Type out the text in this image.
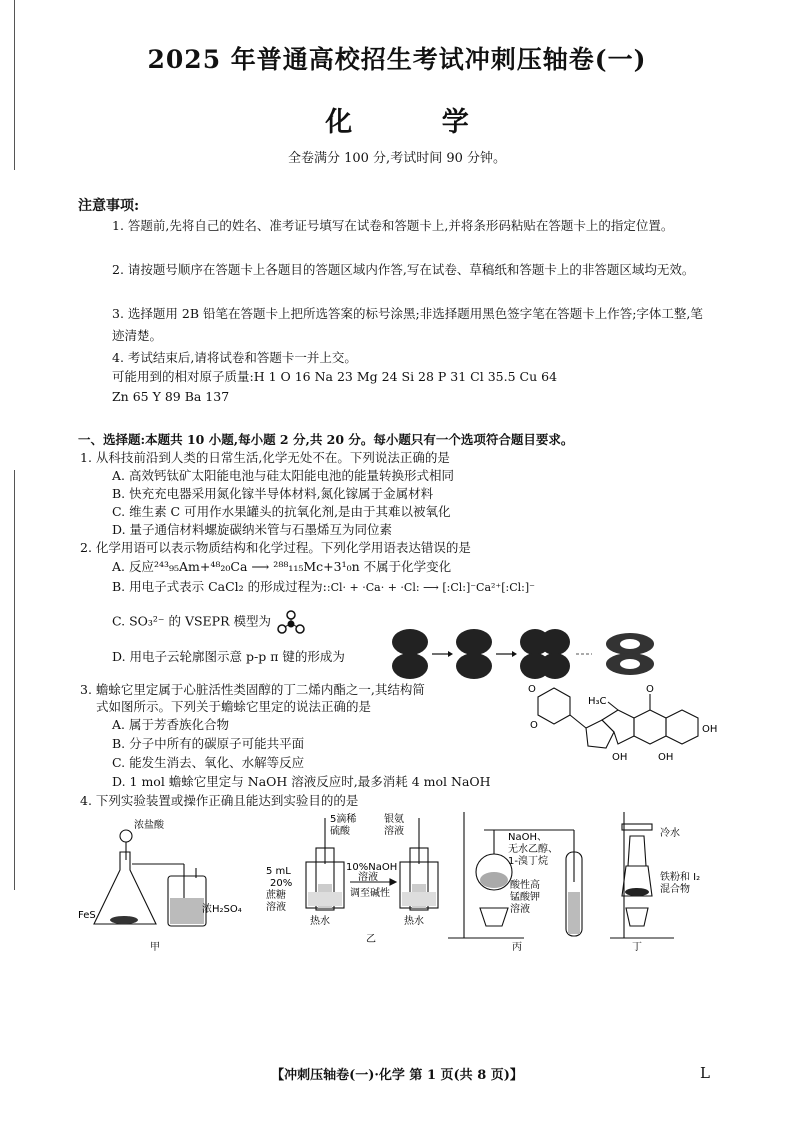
2025 年普通高校招生考试冲刺压轴卷(一)
化 学
全卷满分 100 分,考试时间 90 分钟。
注意事项:
1. 答题前,先将自己的姓名、准考证号填写在试卷和答题卡上,并将条形码粘贴在答题卡上的指定位置。
2. 请按题号顺序在答题卡上各题目的答题区域内作答,写在试卷、草稿纸和答题卡上的非答题区域均无效。
3. 选择题用 2B 铅笔在答题卡上把所选答案的标号涂黑;非选择题用黑色签字笔在答题卡上作答;字体工整,笔迹清楚。
4. 考试结束后,请将试卷和答题卡一并上交。
可能用到的相对原子质量:H 1 O 16 Na 23 Mg 24 Si 28 P 31 Cl 35.5 Cu 64
Zn 65 Y 89 Ba 137
一、选择题:本题共 10 小题,每小题 2 分,共 20 分。每小题只有一个选项符合题目要求。
1. 从科技前沿到人类的日常生活,化学无处不在。下列说法正确的是
A. 高效钙钛矿太阳能电池与硅太阳能电池的能量转换形式相同
B. 快充充电器采用氮化镓半导体材料,氮化镓属于金属材料
C. 维生素 C 可用作水果罐头的抗氧化剂,是由于其难以被氧化
D. 量子通信材料螺旋碳纳米管与石墨烯互为同位素
2. 化学用语可以表示物质结构和化学过程。下列化学用语表达错误的是
A. 反应²⁴³₉₅Am+⁴⁸₂₀Ca ⟶ ²⁸⁸₁₁₅Mc+3¹₀n 不属于化学变化
B. 用电子式表示 CaCl₂ 的形成过程为::Cl· + ·Ca· + ·Cl: ⟶ [:Cl:]⁻Ca²⁺[:Cl:]⁻
C. SO₃²⁻ 的 VSEPR 模型为
D. 用电子云轮廓图示意 p-p π 键的形成为
3. 蟾蜍它里定属于心脏活性类固醇的丁二烯内酯之一,其结构简
式如图所示。下列关于蟾蜍它里定的说法正确的是
A. 属于芳香族化合物
B. 分子中所有的碳原子可能共平面
C. 能发生消去、氧化、水解等反应
D. 1 mol 蟾蜍它里定与 NaOH 溶液反应时,最多消耗 4 mol NaOH
O
O
H₃C
O
OH
OH	OH
4. 下列实验装置或操作正确且能达到实验目的的是
浓盐酸
FeS
浓H₂SO₄
甲
5滴稀
硫酸
银氨
溶液
5 mL
20%
蔗糖
溶液
10%NaOH
溶液
调至碱性
热水	热水
乙
NaOH、
无水乙醇、
1-溴丁烷
酸性高
锰酸钾
溶液
丙
冷水
铁粉和 I₂
混合物
丁
【冲刺压轴卷(一)·化学 第 1 页(共 8 页)】	L
